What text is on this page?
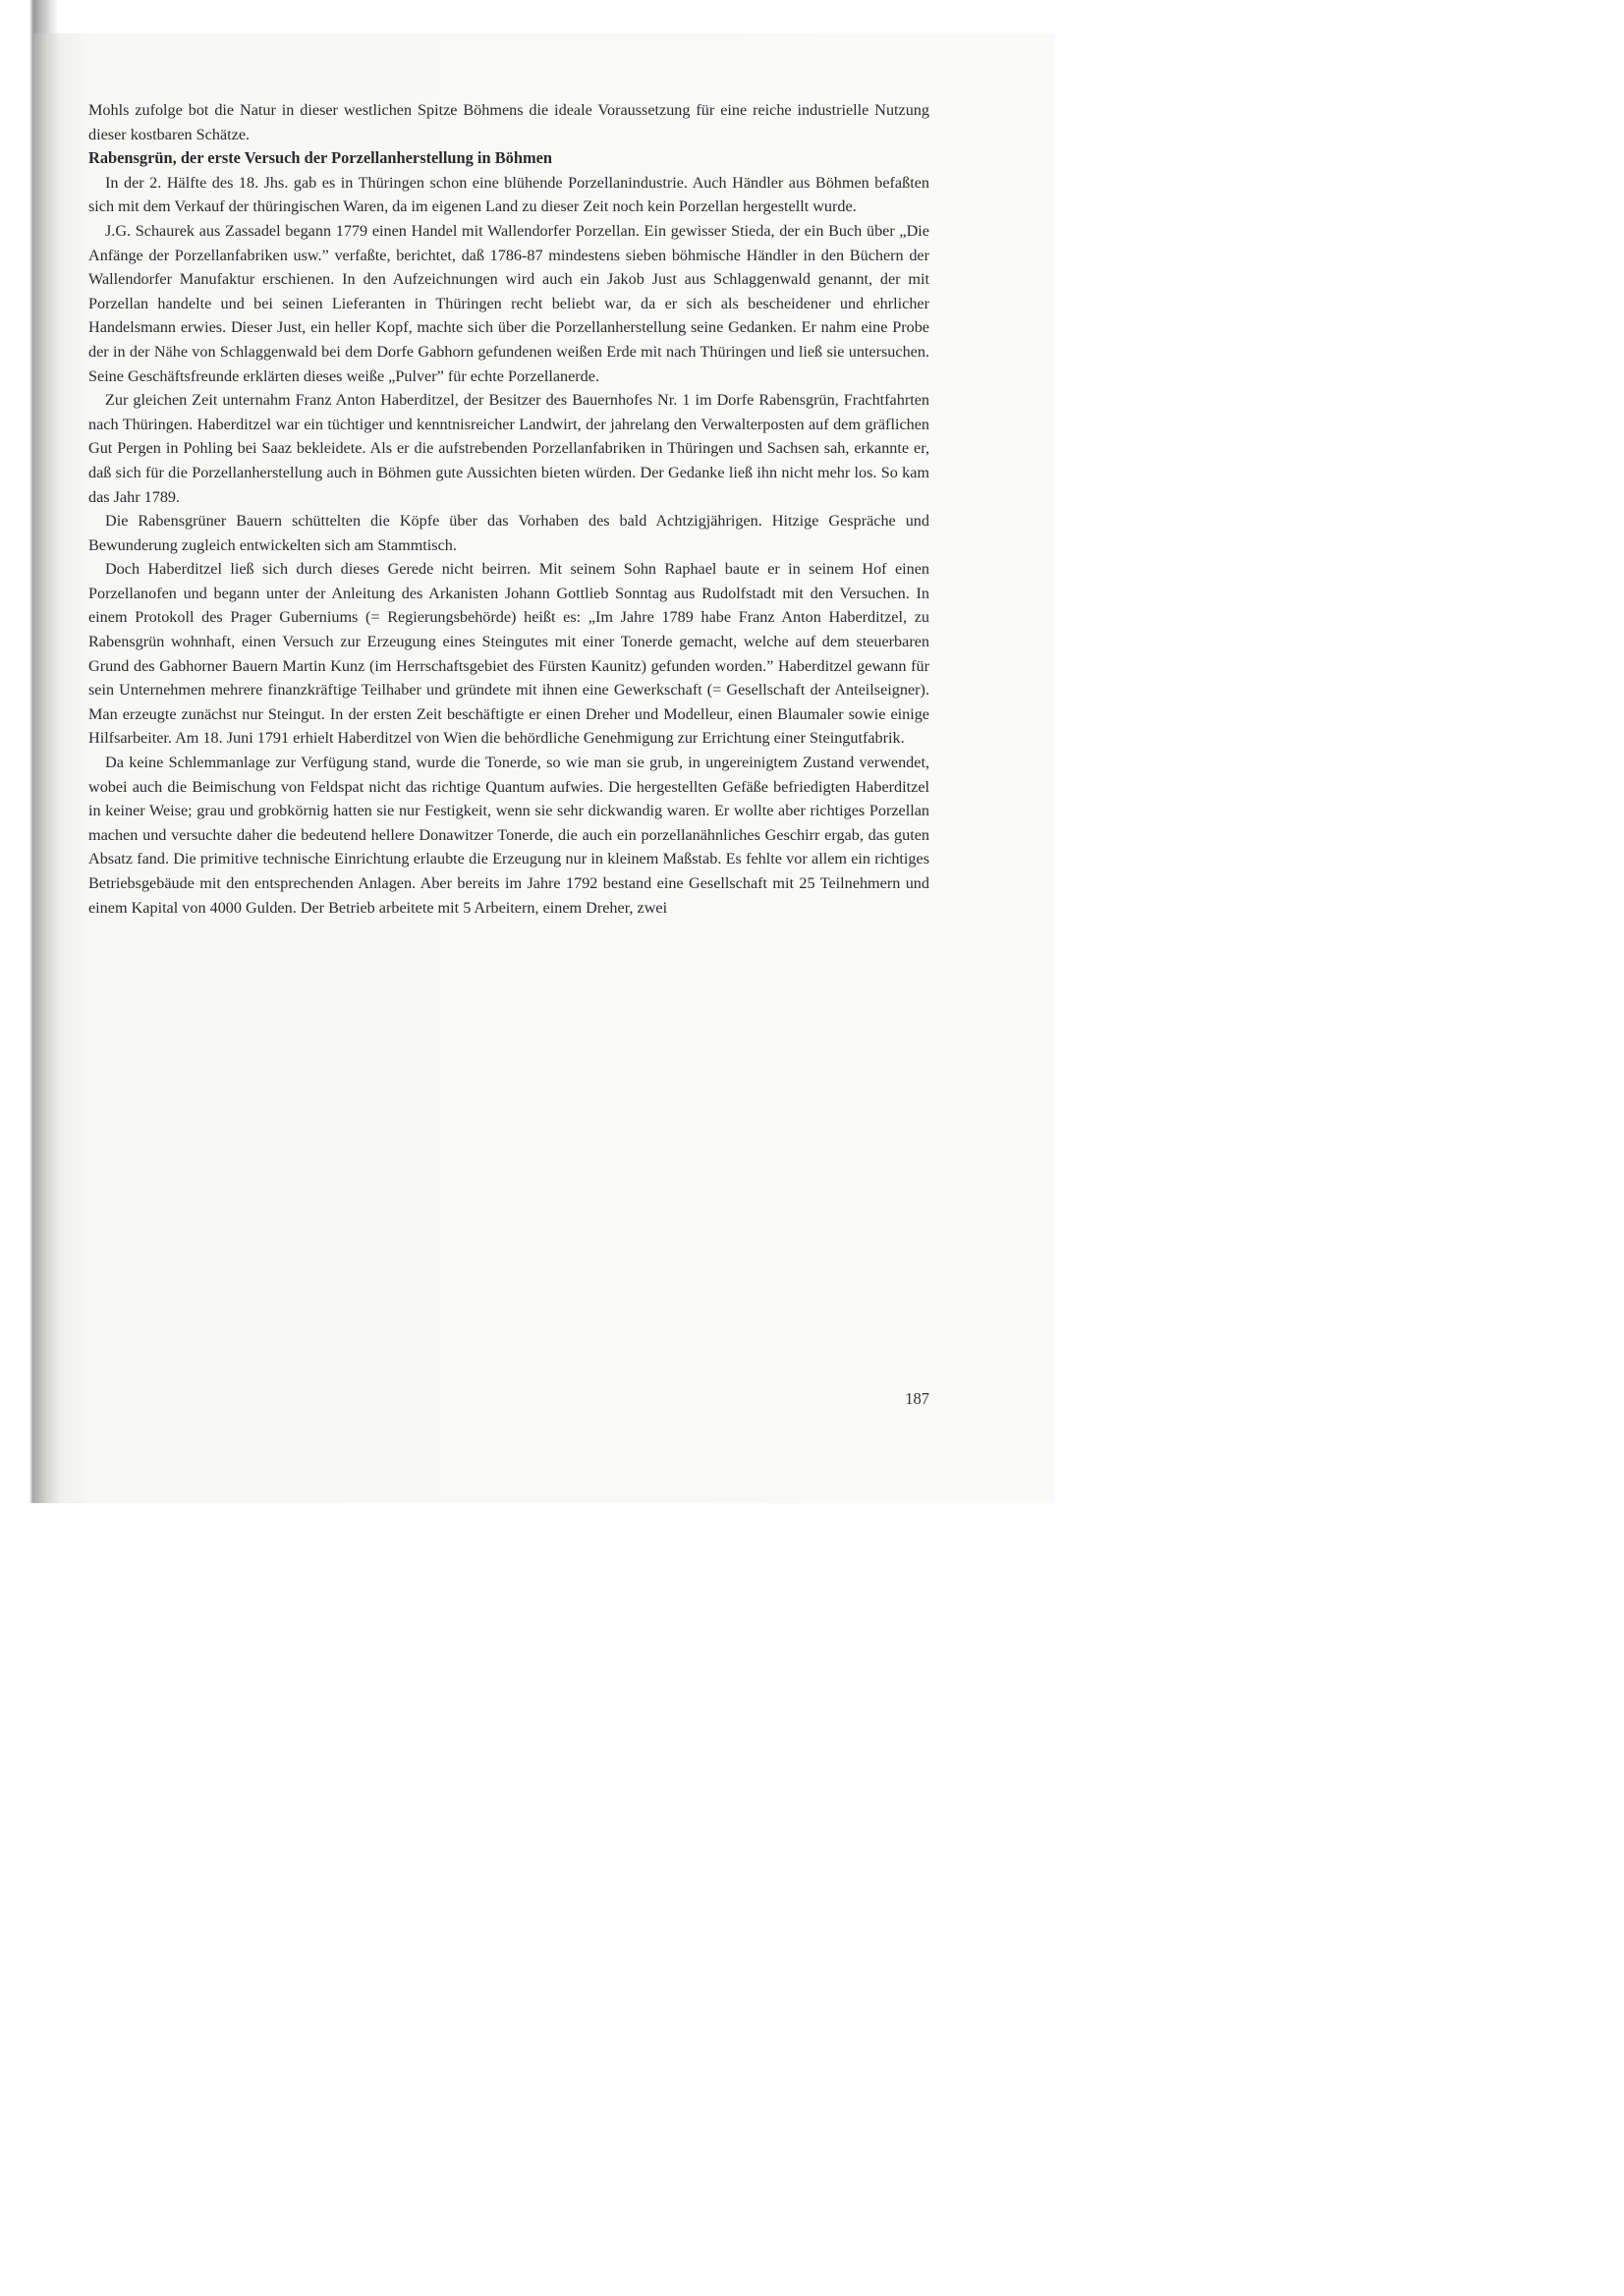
Mohls zufolge bot die Natur in dieser westlichen Spitze Böhmens die ideale Voraussetzung für eine reiche industrielle Nutzung dieser kostbaren Schätze.

Rabensgrün, der erste Versuch der Porzellanherstellung in Böhmen

In der 2. Hälfte des 18. Jhs. gab es in Thüringen schon eine blühende Porzellanindustrie. Auch Händler aus Böhmen befaßten sich mit dem Verkauf der thüringischen Waren, da im eigenen Land zu dieser Zeit noch kein Porzellan hergestellt wurde.

J.G. Schaurek aus Zassadel begann 1779 einen Handel mit Wallendorfer Porzellan. Ein gewisser Stieda, der ein Buch über „Die Anfänge der Porzellanfabriken usw.” verfaßte, berichtet, daß 1786-87 mindestens sieben böhmische Händler in den Büchern der Wallendorfer Manufaktur erschienen. In den Aufzeichnungen wird auch ein Jakob Just aus Schlaggenwald genannt, der mit Porzellan handelte und bei seinen Lieferanten in Thüringen recht beliebt war, da er sich als bescheidener und ehrlicher Handelsmann erwies. Dieser Just, ein heller Kopf, machte sich über die Porzellanherstellung seine Gedanken. Er nahm eine Probe der in der Nähe von Schlaggenwald bei dem Dorfe Gabhorn gefundenen weißen Erde mit nach Thüringen und ließ sie untersuchen. Seine Geschäftsfreunde erklärten dieses weiße „Pulver” für echte Porzellanerde.

Zur gleichen Zeit unternahm Franz Anton Haberditzel, der Besitzer des Bauernhofes Nr. 1 im Dorfe Rabensgrün, Frachtfahrten nach Thüringen. Haberditzel war ein tüchtiger und kenntnisreicher Landwirt, der jahrelang den Verwalterposten auf dem gräflichen Gut Pergen in Pohling bei Saaz bekleidete. Als er die aufstrebenden Porzellanfabriken in Thüringen und Sachsen sah, erkannte er, daß sich für die Porzellanherstellung auch in Böhmen gute Aussichten bieten würden. Der Gedanke ließ ihn nicht mehr los. So kam das Jahr 1789.

Die Rabensgrüner Bauern schüttelten die Köpfe über das Vorhaben des bald Achtzigjährigen. Hitzige Gespräche und Bewunderung zugleich entwickelten sich am Stammtisch.

Doch Haberditzel ließ sich durch dieses Gerede nicht beirren. Mit seinem Sohn Raphael baute er in seinem Hof einen Porzellanofen und begann unter der Anleitung des Arkanisten Johann Gottlieb Sonntag aus Rudolfstadt mit den Versuchen. In einem Protokoll des Prager Guberniums (= Regierungsbehörde) heißt es: „Im Jahre 1789 habe Franz Anton Haberditzel, zu Rabensgrün wohnhaft, einen Versuch zur Erzeugung eines Steingutes mit einer Tonerde gemacht, welche auf dem steuerbaren Grund des Gabhorner Bauern Martin Kunz (im Herrschaftsgebiet des Fürsten Kaunitz) gefunden worden.” Haberditzel gewann für sein Unternehmen mehrere finanzkräftige Teilhaber und gründete mit ihnen eine Gewerkschaft (= Gesellschaft der Anteilseigner). Man erzeugte zunächst nur Steingut. In der ersten Zeit beschäftigte er einen Dreher und Modelleur, einen Blaumaler sowie einige Hilfsarbeiter. Am 18. Juni 1791 erhielt Haberditzel von Wien die behördliche Genehmigung zur Errichtung einer Steingutfabrik.

Da keine Schlemmanlage zur Verfügung stand, wurde die Tonerde, so wie man sie grub, in ungereinigtem Zustand verwendet, wobei auch die Beimischung von Feldspat nicht das richtige Quantum aufwies. Die hergestellten Gefäße befriedigten Haberditzel in keiner Weise; grau und grobkörnig hatten sie nur Festigkeit, wenn sie sehr dickwandig waren. Er wollte aber richtiges Porzellan machen und versuchte daher die bedeutend hellere Donawitzer Tonerde, die auch ein porzellanähnliches Geschirr ergab, das guten Absatz fand. Die primitive technische Einrichtung erlaubte die Erzeugung nur in kleinem Maßstab. Es fehlte vor allem ein richtiges Betriebsgebäude mit den entsprechenden Anlagen. Aber bereits im Jahre 1792 bestand eine Gesellschaft mit 25 Teilnehmern und einem Kapital von 4000 Gulden. Der Betrieb arbeitete mit 5 Arbeitern, einem Dreher, zwei

187
